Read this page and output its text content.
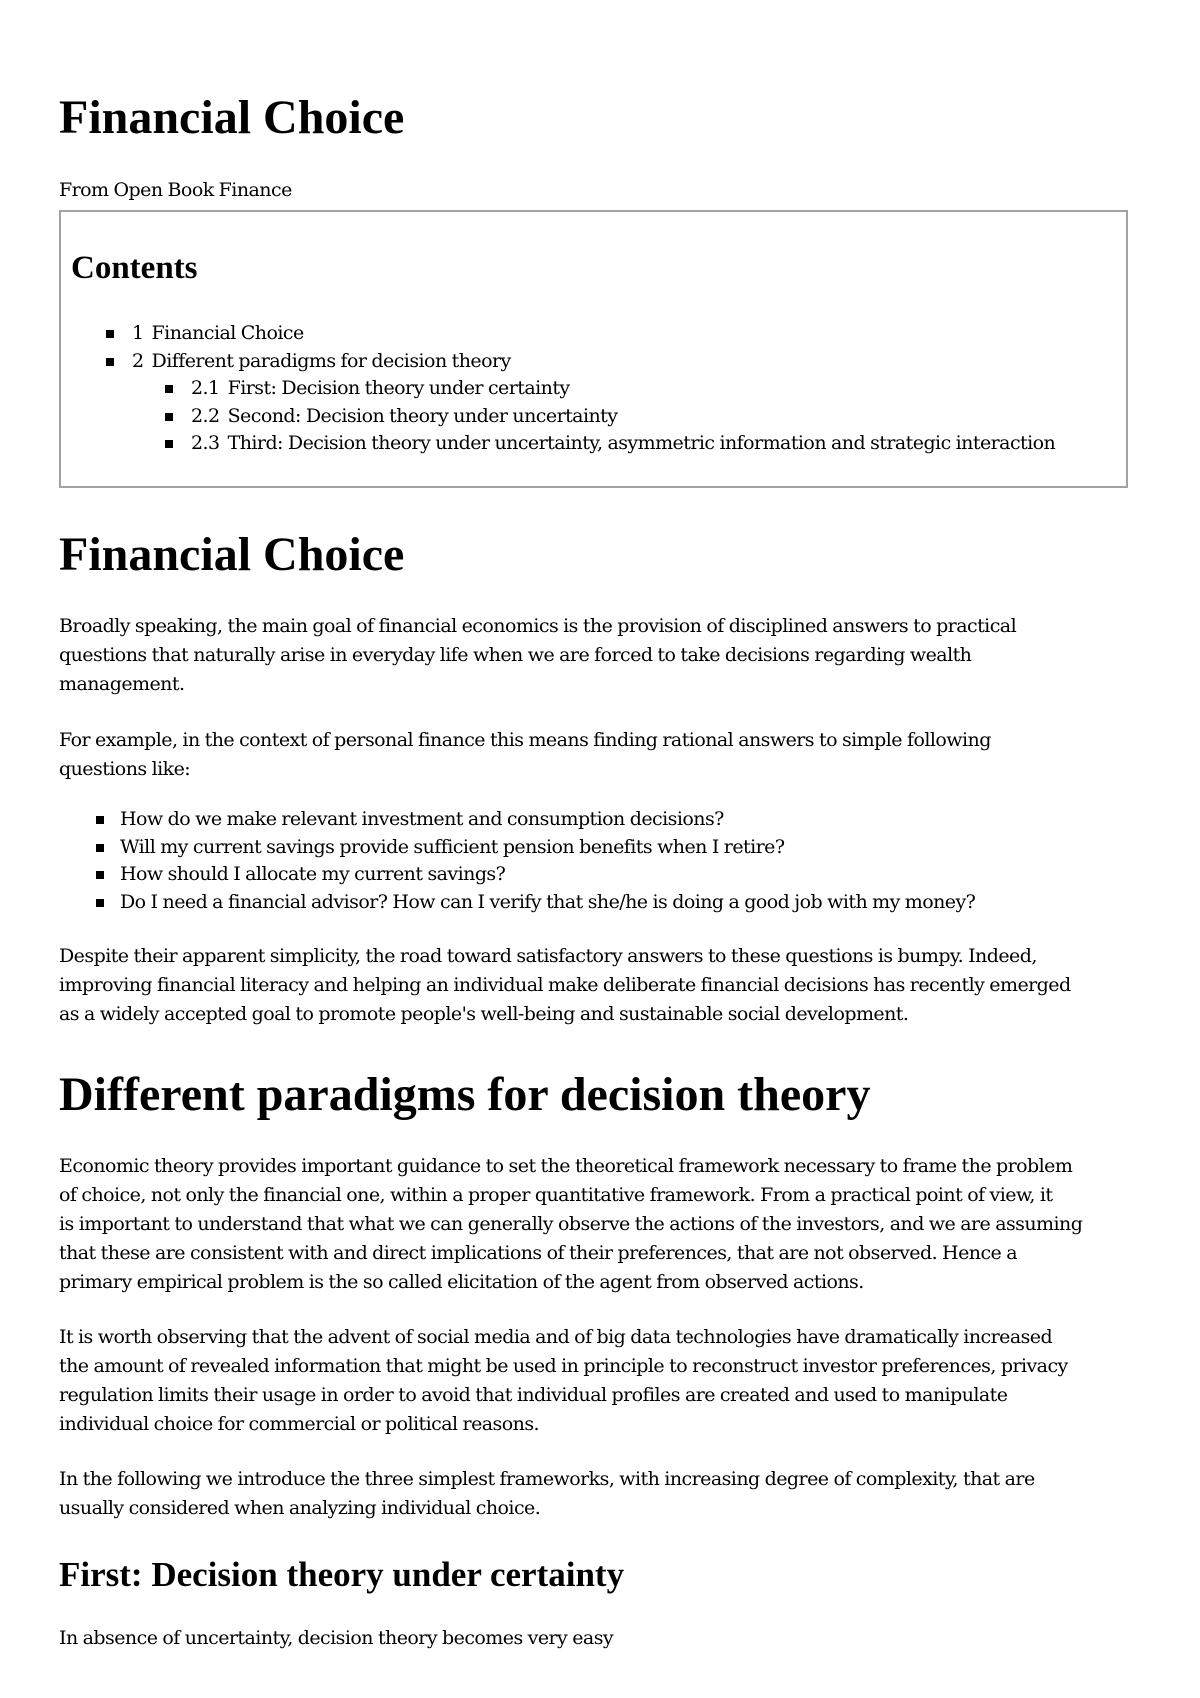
Financial Choice
From Open Book Finance
Contents
1 Financial Choice
2 Different paradigms for decision theory
2.1 First: Decision theory under certainty
2.2 Second: Decision theory under uncertainty
2.3 Third: Decision theory under uncertainty, asymmetric information and strategic interaction
Financial Choice
Broadly speaking, the main goal of financial economics is the provision of disciplined answers to practical
questions that naturally arise in everyday life when we are forced to take decisions regarding wealth
management.
For example, in the context of personal finance this means finding rational answers to simple following
questions like:
How do we make relevant investment and consumption decisions?
Will my current savings provide sufficient pension benefits when I retire?
How should I allocate my current savings?
Do I need a financial advisor? How can I verify that she/he is doing a good job with my money?
Despite their apparent simplicity, the road toward satisfactory answers to these questions is bumpy. Indeed,
improving financial literacy and helping an individual make deliberate financial decisions has recently emerged
as a widely accepted goal to promote people's well-being and sustainable social development.
Different paradigms for decision theory
Economic theory provides important guidance to set the theoretical framework necessary to frame the problem
of choice, not only the financial one, within a proper quantitative framework. From a practical point of view, it
is important to understand that what we can generally observe the actions of the investors, and we are assuming
that these are consistent with and direct implications of their preferences, that are not observed. Hence a
primary empirical problem is the so called elicitation of the agent from observed actions.
It is worth observing that the advent of social media and of big data technologies have dramatically increased
the amount of revealed information that might be used in principle to reconstruct investor preferences, privacy
regulation limits their usage in order to avoid that individual profiles are created and used to manipulate
individual choice for commercial or political reasons.
In the following we introduce the three simplest frameworks, with increasing degree of complexity, that are
usually considered when analyzing individual choice.
First: Decision theory under certainty
In absence of uncertainty, decision theory becomes very easy
